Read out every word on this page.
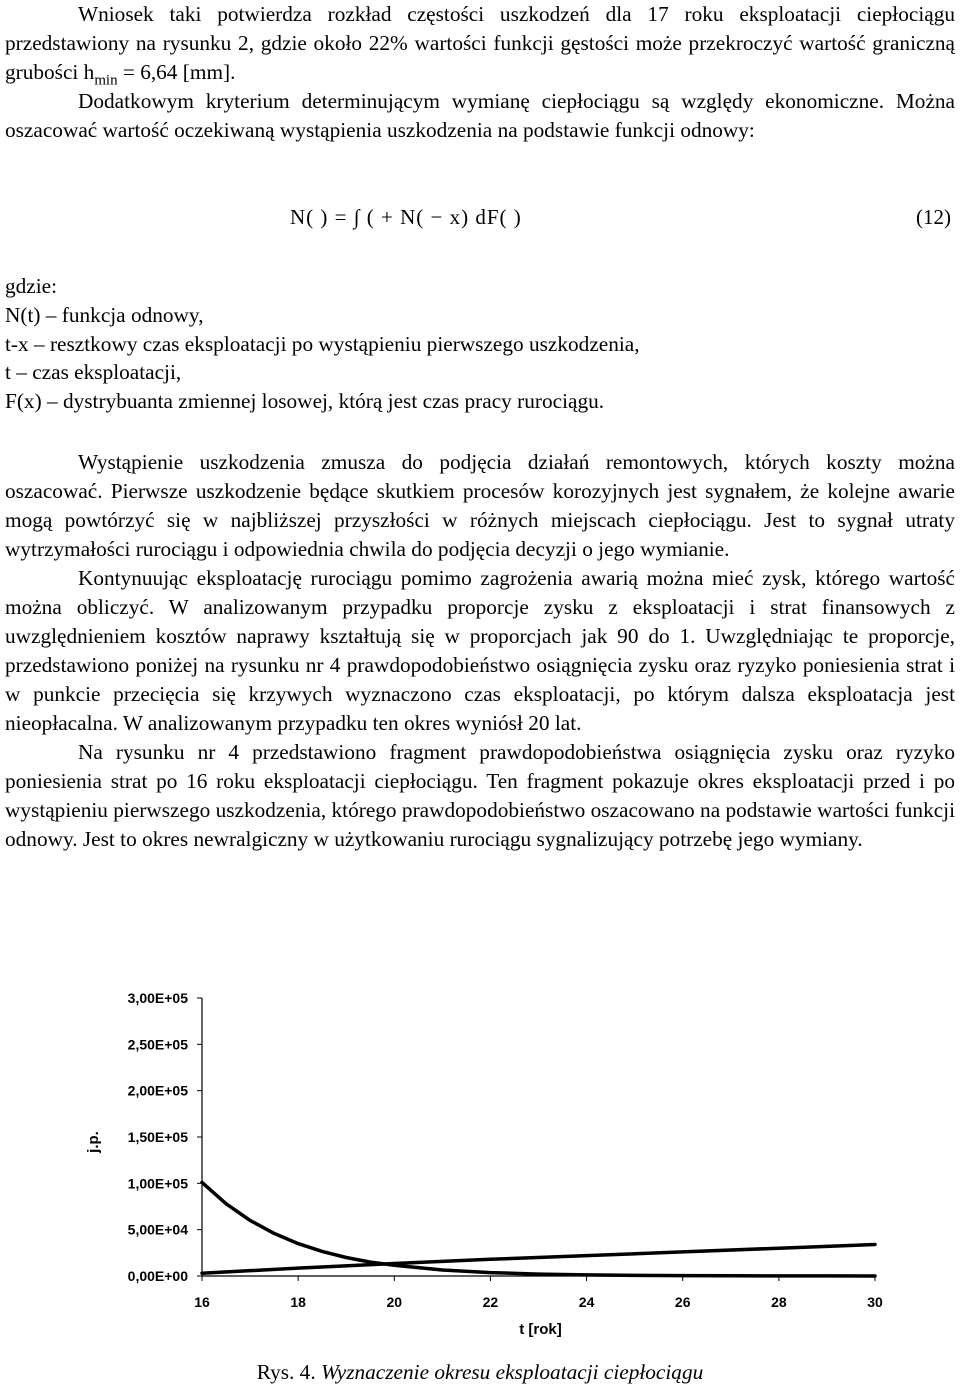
Wniosek taki potwierdza rozkład częstości uszkodzeń dla 17 roku eksploatacji ciepłociągu przedstawiony na rysunku 2, gdzie około 22% wartości funkcji gęstości może przekroczyć wartość graniczną grubości $h_{min} = 6,64$ [mm].

Dodatkowym kryterium determinującym wymianę ciepłociągu są względy ekonomiczne. Można oszacować wartość oczekiwaną wystąpienia uszkodzenia na podstawie funkcji odnowy:

N( ) = ∫ ( + N( − x) dF( )	(12)
gdzie:
N(t) – funkcja odnowy,
t-x – resztkowy czas eksploatacji po wystąpieniu pierwszego uszkodzenia,
t – czas eksploatacji,
F(x) – dystrybuanta zmiennej losowej, którą jest czas pracy rurociągu.

Wystąpienie uszkodzenia zmusza do podjęcia działań remontowych, których koszty można oszacować. Pierwsze uszkodzenie będące skutkiem procesów korozyjnych jest sygnałem, że kolejne awarie mogą powtórzyć się w najbliższej przyszłości w różnych miejscach ciepłociągu. Jest to sygnał utraty wytrzymałości rurociągu i odpowiednia chwila do podjęcia decyzji o jego wymianie.

Kontynuując eksploatację rurociągu pomimo zagrożenia awarią można mieć zysk, którego wartość można obliczyć. W analizowanym przypadku proporcje zysku z eksploatacji i strat finansowych z uwzględnieniem kosztów naprawy kształtują się w proporcjach jak 90 do 1. Uwzględniając te proporcje, przedstawiono poniżej na rysunku nr 4 prawdopodobieństwo osiągnięcia zysku oraz ryzyko poniesienia strat i w punkcie przecięcia się krzywych wyznaczono czas eksploatacji, po którym dalsza eksploatacja jest nieopłacalna. W analizowanym przypadku ten okres wyniósł 20 lat.

Na rysunku nr 4 przedstawiono fragment prawdopodobieństwa osiągnięcia zysku oraz ryzyko poniesienia strat po 16 roku eksploatacji ciepłociągu. Ten fragment pokazuje okres eksploatacji przed i po wystąpieniu pierwszego uszkodzenia, którego prawdopodobieństwo oszacowano na podstawie wartości funkcji odnowy. Jest to okres newralgiczny w użytkowaniu rurociągu sygnalizujący potrzebę jego wymiany.

0,00E+00
5,00E+04
1,00E+05
1,50E+05
2,00E+05
2,50E+05
3,00E+05
16	18	20	22	24	26	28	30
t [rok]
j.p.
Rys. 4. Wyznaczenie okresu eksploatacji ciepłociągu
